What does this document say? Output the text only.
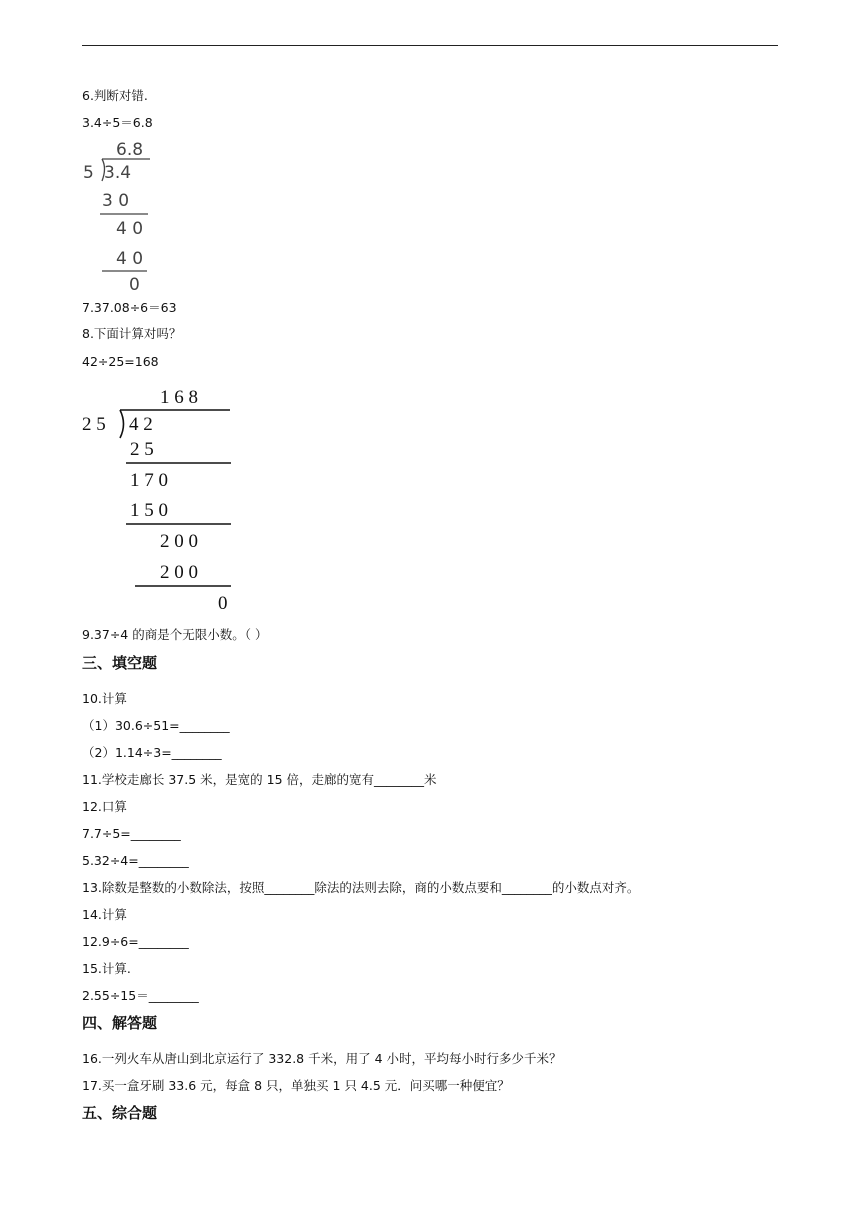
6.判断对错.
3.4÷5＝6.8
6.8
5 3.4
3 0
4 0
4 0
0
7.37.08÷6＝63
8.下面计算对吗？
42÷25=168
1 6 8
2 5 4 2
2 5
1 7 0
1 5 0
2 0 0
2 0 0
0
9.37÷4 的商是个无限小数。（ ）
三、填空题
10.计算
（1）30.6÷51=________
（2）1.14÷3=________
11.学校走廊长 37.5 米，是宽的 15 倍，走廊的宽有________米
12.口算
7.7÷5=________
5.32÷4=________
13.除数是整数的小数除法，按照________除法的法则去除，商的小数点要和________的小数点对齐。
14.计算
12.9÷6=________
15.计算.
2.55÷15＝________
四、解答题
16.一列火车从唐山到北京运行了 332.8 千米，用了 4 小时，平均每小时行多少千米？
17.买一盒牙刷 33.6 元，每盒 8 只，单独买 1 只 4.5 元．问买哪一种便宜？
五、综合题
